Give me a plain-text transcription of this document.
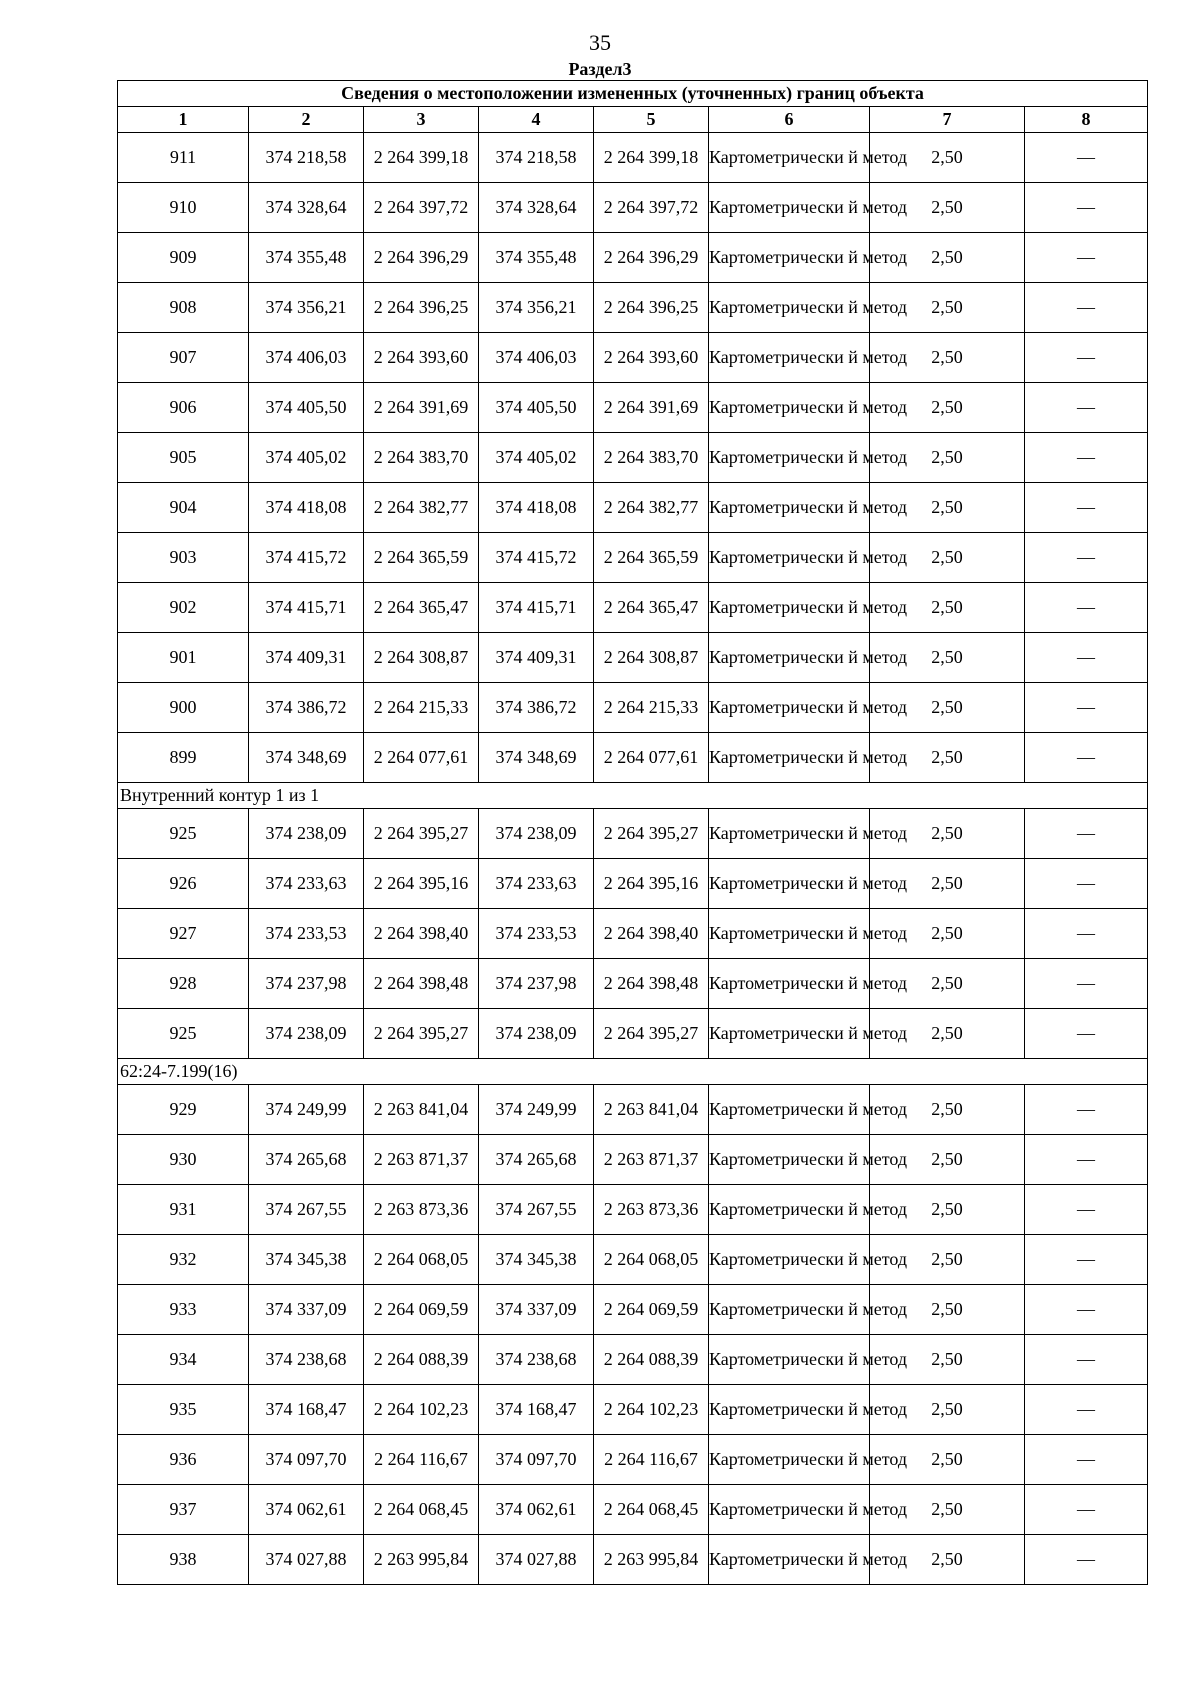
35
Раздел3
Сведения о местоположении измененных (уточненных) границ объекта							
1	2	3	4	5	6	7	8
911	374 218,58	2 264 399,18	374 218,58	2 264 399,18	Картометрически й метод	2,50	—
910	374 328,64	2 264 397,72	374 328,64	2 264 397,72	Картометрически й метод	2,50	—
909	374 355,48	2 264 396,29	374 355,48	2 264 396,29	Картометрически й метод	2,50	—
908	374 356,21	2 264 396,25	374 356,21	2 264 396,25	Картометрически й метод	2,50	—
907	374 406,03	2 264 393,60	374 406,03	2 264 393,60	Картометрически й метод	2,50	—
906	374 405,50	2 264 391,69	374 405,50	2 264 391,69	Картометрически й метод	2,50	—
905	374 405,02	2 264 383,70	374 405,02	2 264 383,70	Картометрически й метод	2,50	—
904	374 418,08	2 264 382,77	374 418,08	2 264 382,77	Картометрически й метод	2,50	—
903	374 415,72	2 264 365,59	374 415,72	2 264 365,59	Картометрически й метод	2,50	—
902	374 415,71	2 264 365,47	374 415,71	2 264 365,47	Картометрически й метод	2,50	—
901	374 409,31	2 264 308,87	374 409,31	2 264 308,87	Картометрически й метод	2,50	—
900	374 386,72	2 264 215,33	374 386,72	2 264 215,33	Картометрически й метод	2,50	—
899	374 348,69	2 264 077,61	374 348,69	2 264 077,61	Картометрически й метод	2,50	—
Внутренний контур 1 из 1							
925	374 238,09	2 264 395,27	374 238,09	2 264 395,27	Картометрически й метод	2,50	—
926	374 233,63	2 264 395,16	374 233,63	2 264 395,16	Картометрически й метод	2,50	—
927	374 233,53	2 264 398,40	374 233,53	2 264 398,40	Картометрически й метод	2,50	—
928	374 237,98	2 264 398,48	374 237,98	2 264 398,48	Картометрически й метод	2,50	—
925	374 238,09	2 264 395,27	374 238,09	2 264 395,27	Картометрически й метод	2,50	—
62:24-7.199(16)							
929	374 249,99	2 263 841,04	374 249,99	2 263 841,04	Картометрически й метод	2,50	—
930	374 265,68	2 263 871,37	374 265,68	2 263 871,37	Картометрически й метод	2,50	—
931	374 267,55	2 263 873,36	374 267,55	2 263 873,36	Картометрически й метод	2,50	—
932	374 345,38	2 264 068,05	374 345,38	2 264 068,05	Картометрически й метод	2,50	—
933	374 337,09	2 264 069,59	374 337,09	2 264 069,59	Картометрически й метод	2,50	—
934	374 238,68	2 264 088,39	374 238,68	2 264 088,39	Картометрически й метод	2,50	—
935	374 168,47	2 264 102,23	374 168,47	2 264 102,23	Картометрически й метод	2,50	—
936	374 097,70	2 264 116,67	374 097,70	2 264 116,67	Картометрически й метод	2,50	—
937	374 062,61	2 264 068,45	374 062,61	2 264 068,45	Картометрически й метод	2,50	—
938	374 027,88	2 263 995,84	374 027,88	2 263 995,84	Картометрически й метод	2,50	—
